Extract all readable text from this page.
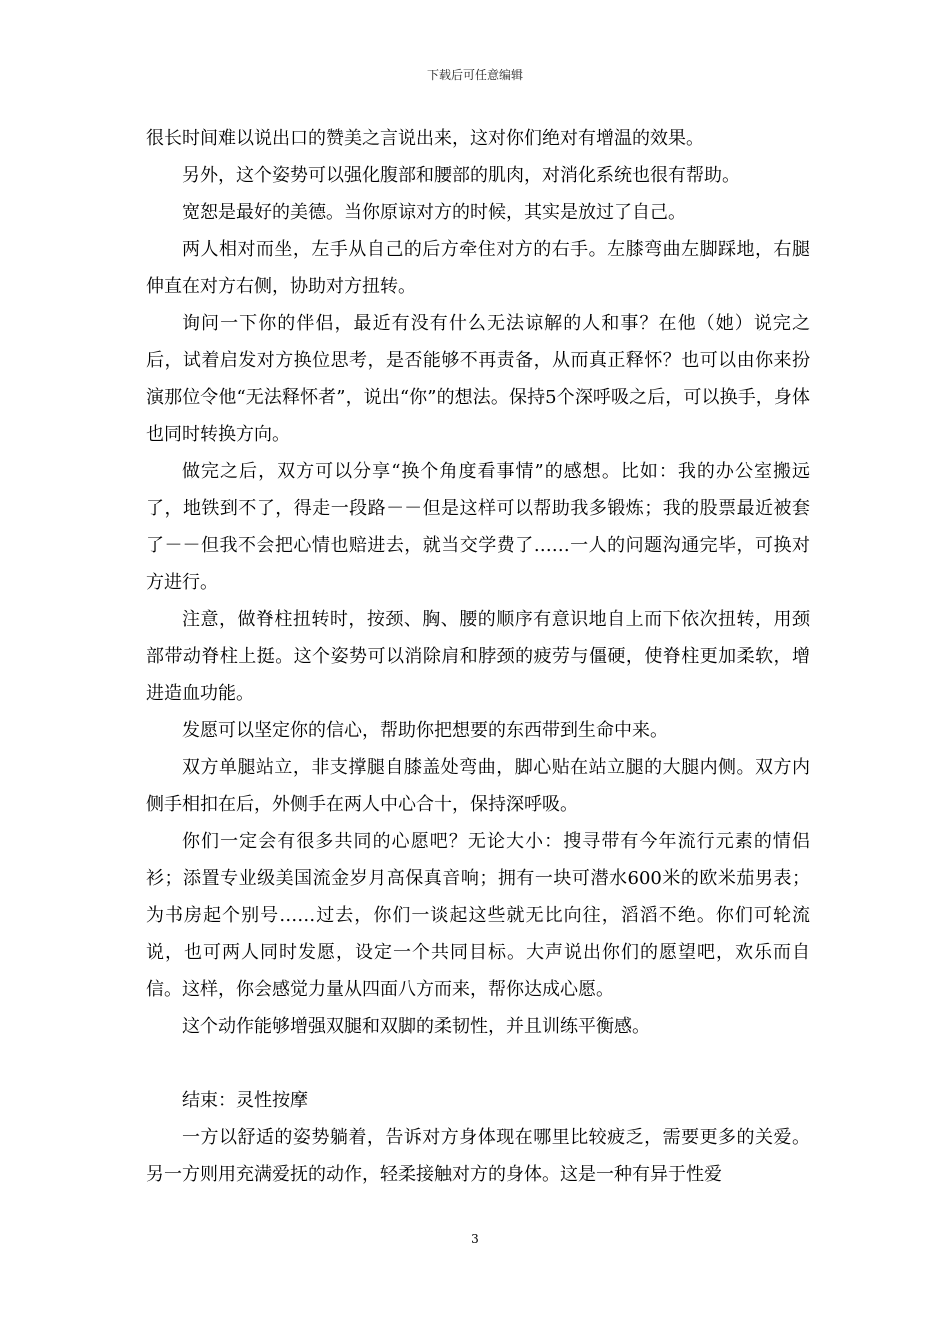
下载后可任意编辑

很长时间难以说出口的赞美之言说出来，这对你们绝对有增温的效果。

另外，这个姿势可以强化腹部和腰部的肌肉，对消化系统也很有帮助。

宽恕是最好的美德。当你原谅对方的时候，其实是放过了自己。

两人相对而坐，左手从自己的后方牵住对方的右手。左膝弯曲左脚踩地，右腿伸直在对方右侧，协助对方扭转。

询问一下你的伴侣，最近有没有什么无法谅解的人和事？在他（她）说完之后，试着启发对方换位思考，是否能够不再责备，从而真正释怀？也可以由你来扮演那位令他“无法释怀者”，说出“你”的想法。保持5个深呼吸之后，可以换手，身体也同时转换方向。

做完之后，双方可以分享“换个角度看事情”的感想。比如：我的办公室搬远了，地铁到不了，得走一段路－－但是这样可以帮助我多锻炼；我的股票最近被套了－－但我不会把心情也赔进去，就当交学费了……一人的问题沟通完毕，可换对方进行。

注意，做脊柱扭转时，按颈、胸、腰的顺序有意识地自上而下依次扭转，用颈部带动脊柱上挺。这个姿势可以消除肩和脖颈的疲劳与僵硬，使脊柱更加柔软，增进造血功能。

发愿可以坚定你的信心，帮助你把想要的东西带到生命中来。

双方单腿站立，非支撑腿自膝盖处弯曲，脚心贴在站立腿的大腿内侧。双方内侧手相扣在后，外侧手在两人中心合十，保持深呼吸。

你们一定会有很多共同的心愿吧？无论大小：搜寻带有今年流行元素的情侣衫；添置专业级美国流金岁月高保真音响；拥有一块可潜水600米的欧米茄男表；为书房起个别号……过去，你们一谈起这些就无比向往，滔滔不绝。你们可轮流说，也可两人同时发愿，设定一个共同目标。大声说出你们的愿望吧，欢乐而自信。这样，你会感觉力量从四面八方而来，帮你达成心愿。

这个动作能够增强双腿和双脚的柔韧性，并且训练平衡感。

结束：灵性按摩

一方以舒适的姿势躺着，告诉对方身体现在哪里比较疲乏，需要更多的关爱。另一方则用充满爱抚的动作，轻柔接触对方的身体。这是一种有异于性爱

3
